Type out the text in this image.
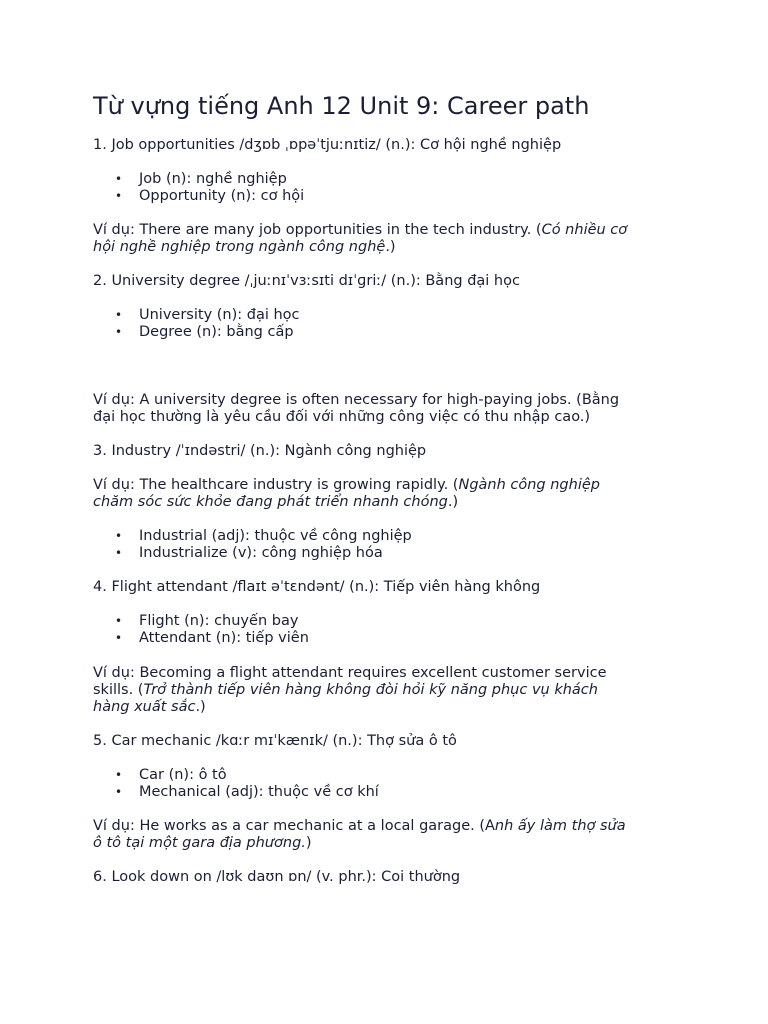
Từ vựng tiếng Anh 12 Unit 9: Career path

1. Job opportunities /dʒɒb ˌɒpəˈtjuːnɪtiz/ (n.): Cơ hội nghề nghiệp

• Job (n): nghề nghiệp

• Opportunity (n): cơ hội

Ví dụ: There are many job opportunities in the tech industry. (Có nhiều cơ

hội nghề nghiệp trong ngành công nghệ.)

2. University degree /ˌjuːnɪˈvɜːsɪti dɪˈɡriː/ (n.): Bằng đại học

• University (n): đại học

• Degree (n): bằng cấp

Ví dụ: A university degree is often necessary for high-paying jobs. (Bằng

đại học thường là yêu cầu đối với những công việc có thu nhập cao.)

3. Industry /ˈɪndəstri/ (n.): Ngành công nghiệp

Ví dụ: The healthcare industry is growing rapidly. (Ngành công nghiệp

chăm sóc sức khỏe đang phát triển nhanh chóng.)

• Industrial (adj): thuộc về công nghiệp

• Industrialize (v): công nghiệp hóa

4. Flight attendant /flaɪt əˈtɛndənt/ (n.): Tiếp viên hàng không

• Flight (n): chuyến bay

• Attendant (n): tiếp viên

Ví dụ: Becoming a flight attendant requires excellent customer service

skills. (Trở thành tiếp viên hàng không đòi hỏi kỹ năng phục vụ khách

hàng xuất sắc.)

5. Car mechanic /kɑːr mɪˈkænɪk/ (n.): Thợ sửa ô tô

• Car (n): ô tô

• Mechanical (adj): thuộc về cơ khí

Ví dụ: He works as a car mechanic at a local garage. (Anh ấy làm thợ sửa

ô tô tại một gara địa phương.)

6. Look down on /lʊk daʊn ɒn/ (v. phr.): Coi thường
